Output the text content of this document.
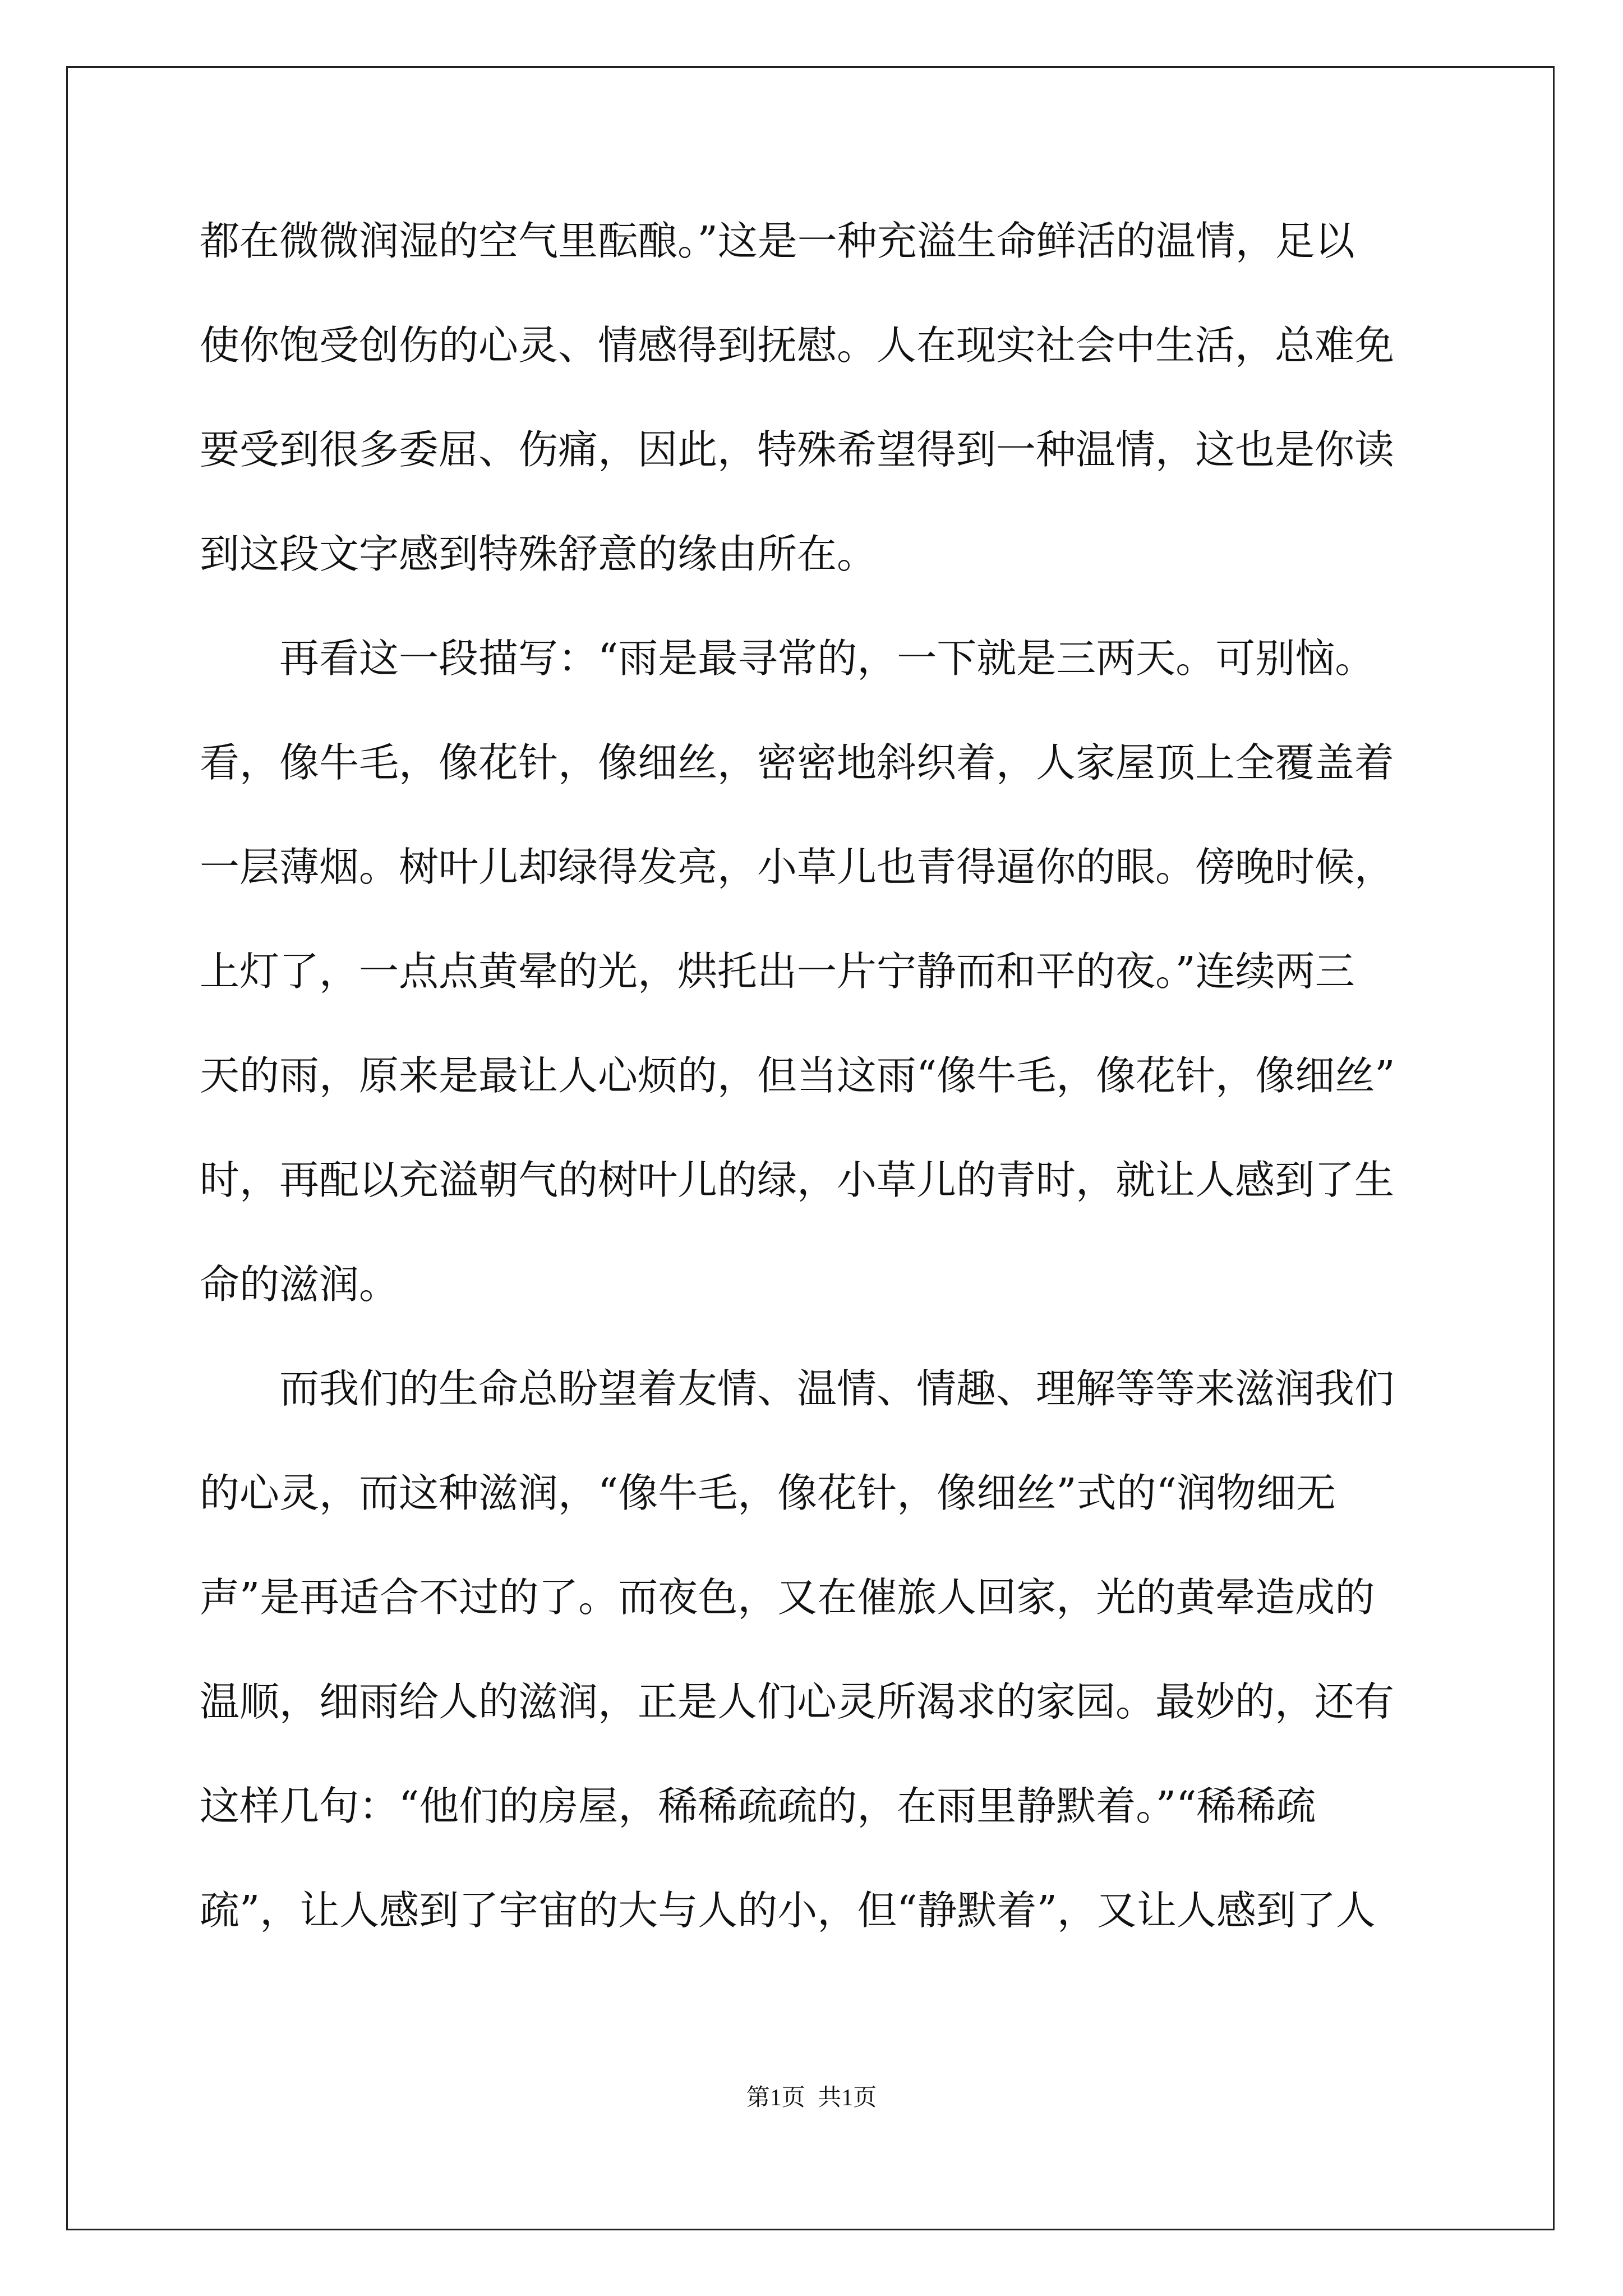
都在微微润湿的空气里酝酿。”这是一种充溢生命鲜活的温情，足以
使你饱受创伤的心灵、情感得到抚慰。人在现实社会中生活，总难免
要受到很多委屈、伤痛，因此，特殊希望得到一种温情，这也是你读
到这段文字感到特殊舒意的缘由所在。
再看这一段描写：“雨是最寻常的，一下就是三两天。可别恼。
看，像牛毛，像花针，像细丝，密密地斜织着，人家屋顶上全覆盖着
一层薄烟。树叶儿却绿得发亮，小草儿也青得逼你的眼。傍晚时候，
上灯了，一点点黄晕的光，烘托出一片宁静而和平的夜。”连续两三
天的雨，原来是最让人心烦的，但当这雨“像牛毛，像花针，像细丝”
时，再配以充溢朝气的树叶儿的绿，小草儿的青时，就让人感到了生
命的滋润。
而我们的生命总盼望着友情、温情、情趣、理解等等来滋润我们
的心灵，而这种滋润，“像牛毛，像花针，像细丝”式的“润物细无
声”是再适合不过的了。而夜色，又在催旅人回家，光的黄晕造成的
温顺，细雨给人的滋润，正是人们心灵所渴求的家园。最妙的，还有
这样几句：“他们的房屋，稀稀疏疏的，在雨里静默着。”“稀稀疏
疏”，让人感到了宇宙的大与人的小，但“静默着”，又让人感到了人
第1页 共1页
